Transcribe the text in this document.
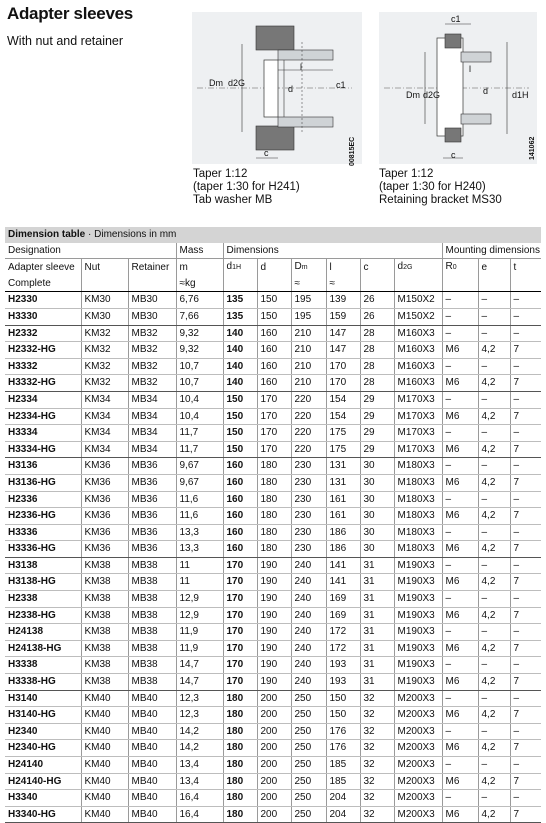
Adapter sleeves
With nut and retainer
Dm d2G
d	c1
l
c	00815EC
Dm d2G	d	d1H
c1
l
c	141062
Taper 1:12
(taper 1:30 for H241)
Tab washer MB
Taper 1:12
(taper 1:30 for H240)
Retaining bracket MS30
Dimension table · Dimensions in mm												
Designation			Mass	Dimensions						Mounting dimensions		
Adapter sleeve	Nut	Retainer	m	d1H	d	Dm	l	c	d2G	R0	e	t
Complete			≈kg			≈	≈					
H2330	KM30	MB30	6,76	135	150	195	139	26	M150X2	–	–	–
H3330	KM30	MB30	7,66	135	150	195	159	26	M150X2	–	–	–
H2332	KM32	MB32	9,32	140	160	210	147	28	M160X3	–	–	–
H2332-HG	KM32	MB32	9,32	140	160	210	147	28	M160X3	M6	4,2	7
H3332	KM32	MB32	10,7	140	160	210	170	28	M160X3	–	–	–
H3332-HG	KM32	MB32	10,7	140	160	210	170	28	M160X3	M6	4,2	7
H2334	KM34	MB34	10,4	150	170	220	154	29	M170X3	–	–	–
H2334-HG	KM34	MB34	10,4	150	170	220	154	29	M170X3	M6	4,2	7
H3334	KM34	MB34	11,7	150	170	220	175	29	M170X3	–	–	–
H3334-HG	KM34	MB34	11,7	150	170	220	175	29	M170X3	M6	4,2	7
H3136	KM36	MB36	9,67	160	180	230	131	30	M180X3	–	–	–
H3136-HG	KM36	MB36	9,67	160	180	230	131	30	M180X3	M6	4,2	7
H2336	KM36	MB36	11,6	160	180	230	161	30	M180X3	–	–	–
H2336-HG	KM36	MB36	11,6	160	180	230	161	30	M180X3	M6	4,2	7
H3336	KM36	MB36	13,3	160	180	230	186	30	M180X3	–	–	–
H3336-HG	KM36	MB36	13,3	160	180	230	186	30	M180X3	M6	4,2	7
H3138	KM38	MB38	11	170	190	240	141	31	M190X3	–	–	–
H3138-HG	KM38	MB38	11	170	190	240	141	31	M190X3	M6	4,2	7
H2338	KM38	MB38	12,9	170	190	240	169	31	M190X3	–	–	–
H2338-HG	KM38	MB38	12,9	170	190	240	169	31	M190X3	M6	4,2	7
H24138	KM38	MB38	11,9	170	190	240	172	31	M190X3	–	–	–
H24138-HG	KM38	MB38	11,9	170	190	240	172	31	M190X3	M6	4,2	7
H3338	KM38	MB38	14,7	170	190	240	193	31	M190X3	–	–	–
H3338-HG	KM38	MB38	14,7	170	190	240	193	31	M190X3	M6	4,2	7
H3140	KM40	MB40	12,3	180	200	250	150	32	M200X3	–	–	–
H3140-HG	KM40	MB40	12,3	180	200	250	150	32	M200X3	M6	4,2	7
H2340	KM40	MB40	14,2	180	200	250	176	32	M200X3	–	–	–
H2340-HG	KM40	MB40	14,2	180	200	250	176	32	M200X3	M6	4,2	7
H24140	KM40	MB40	13,4	180	200	250	185	32	M200X3	–	–	–
H24140-HG	KM40	MB40	13,4	180	200	250	185	32	M200X3	M6	4,2	7
H3340	KM40	MB40	16,4	180	200	250	204	32	M200X3	–	–	–
H3340-HG	KM40	MB40	16,4	180	200	250	204	32	M200X3	M6	4,2	7
